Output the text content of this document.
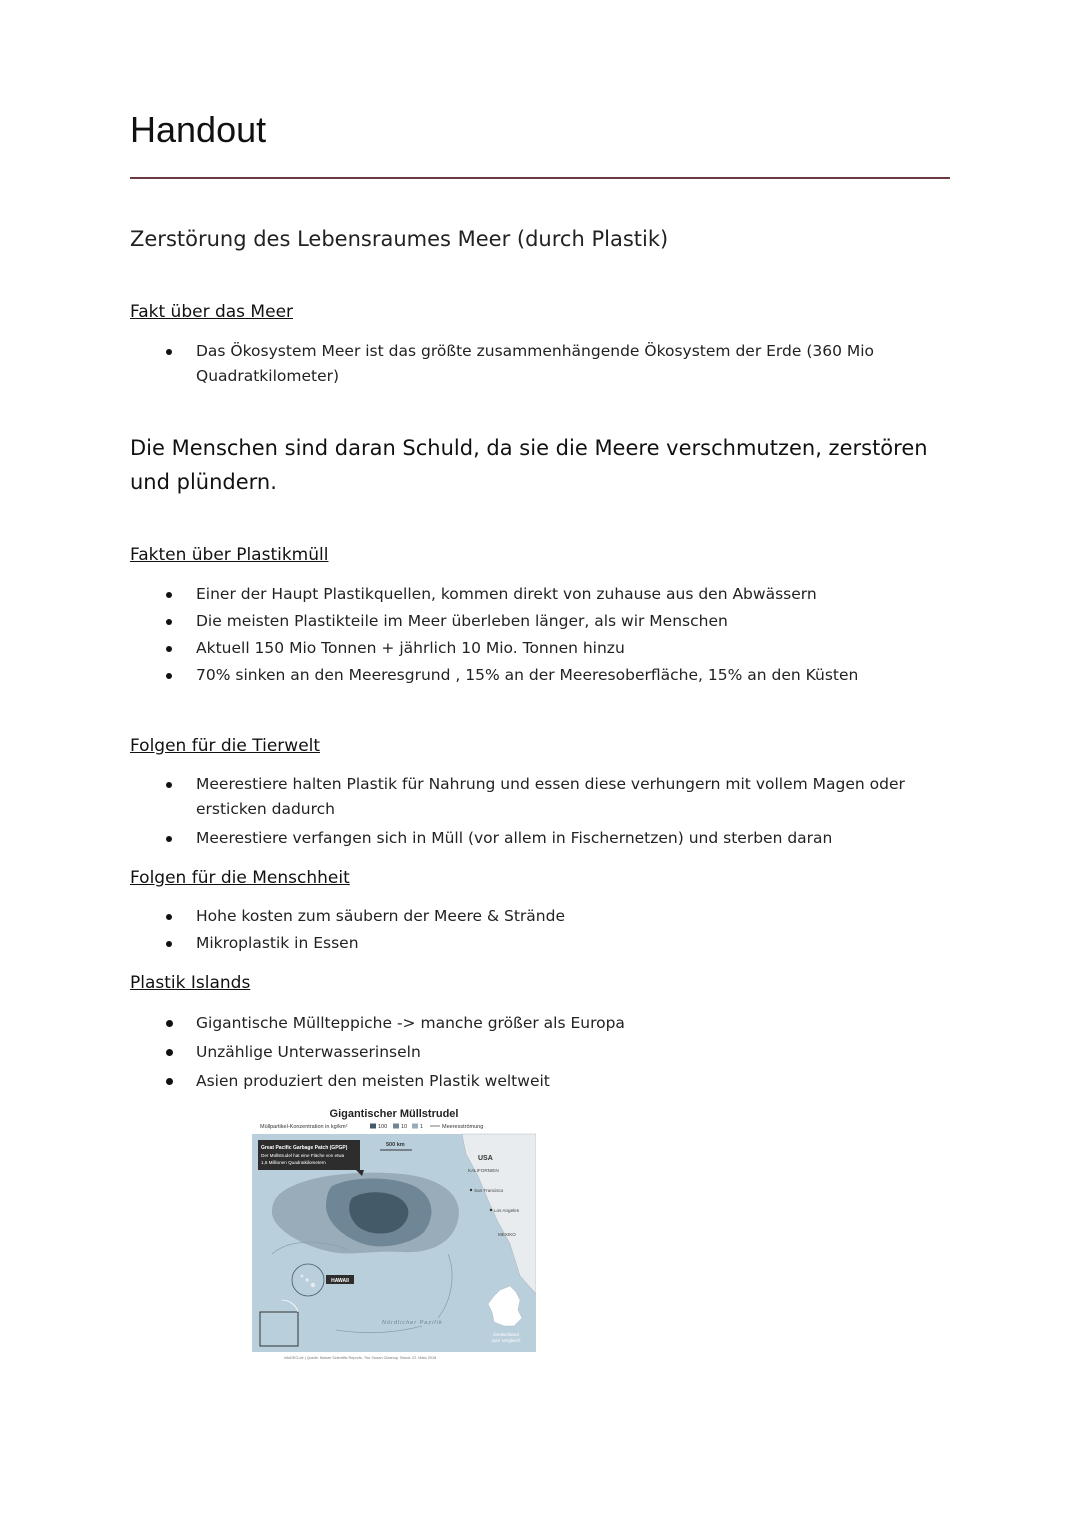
Handout
Zerstörung des Lebensraumes Meer (durch Plastik)
Fakt über das Meer
Das Ökosystem Meer ist das größte zusammenhängende Ökosystem der Erde (360 Mio Quadratkilometer)

Die Menschen sind daran Schuld, da sie die Meere verschmutzen, zerstören und plündern.

Fakten über Plastikmüll
Einer der Haupt Plastikquellen, kommen direkt von zuhause aus den Abwässern
Die meisten Plastikteile im Meer überleben länger, als wir Menschen
Aktuell 150 Mio Tonnen + jährlich 10 Mio. Tonnen hinzu
70% sinken an den Meeresgrund , 15% an der Meeresoberfläche, 15% an den Küsten
Folgen für die Tierwelt
Meerestiere halten Plastik für Nahrung und essen diese verhungern mit vollem Magen oder ersticken dadurch
Meerestiere verfangen sich in Müll (vor allem in Fischernetzen) und sterben daran
Folgen für die Menschheit
Hohe kosten zum säubern der Meere & Strände
Mikroplastik in Essen
Plastik Islands
Gigantische Müllteppiche -> manche größer als Europa
Unzählige Unterwasserinseln
Asien produziert den meisten Plastik weltweit
Gigantischer Müllstrudel
Müllpartikel-Konzentration in kg/km²	100	10 1	Meeresströmung
Great Pacific Garbage Patch (GPGP)
Der Müllstrudel hat eine Fläche von etwa
1,6 Millionen Quadratkilometern
500 km
USA
KALIFORNIEN
San Francisco
Los Angeles
MEXIKO
HAWAII
Nördlicher Pazifik
Deutschland
zum Vergleich
infoDEG.de | Quelle: Nature Scientific Reports, The Ocean Cleanup. Stand: 22. März 2018
